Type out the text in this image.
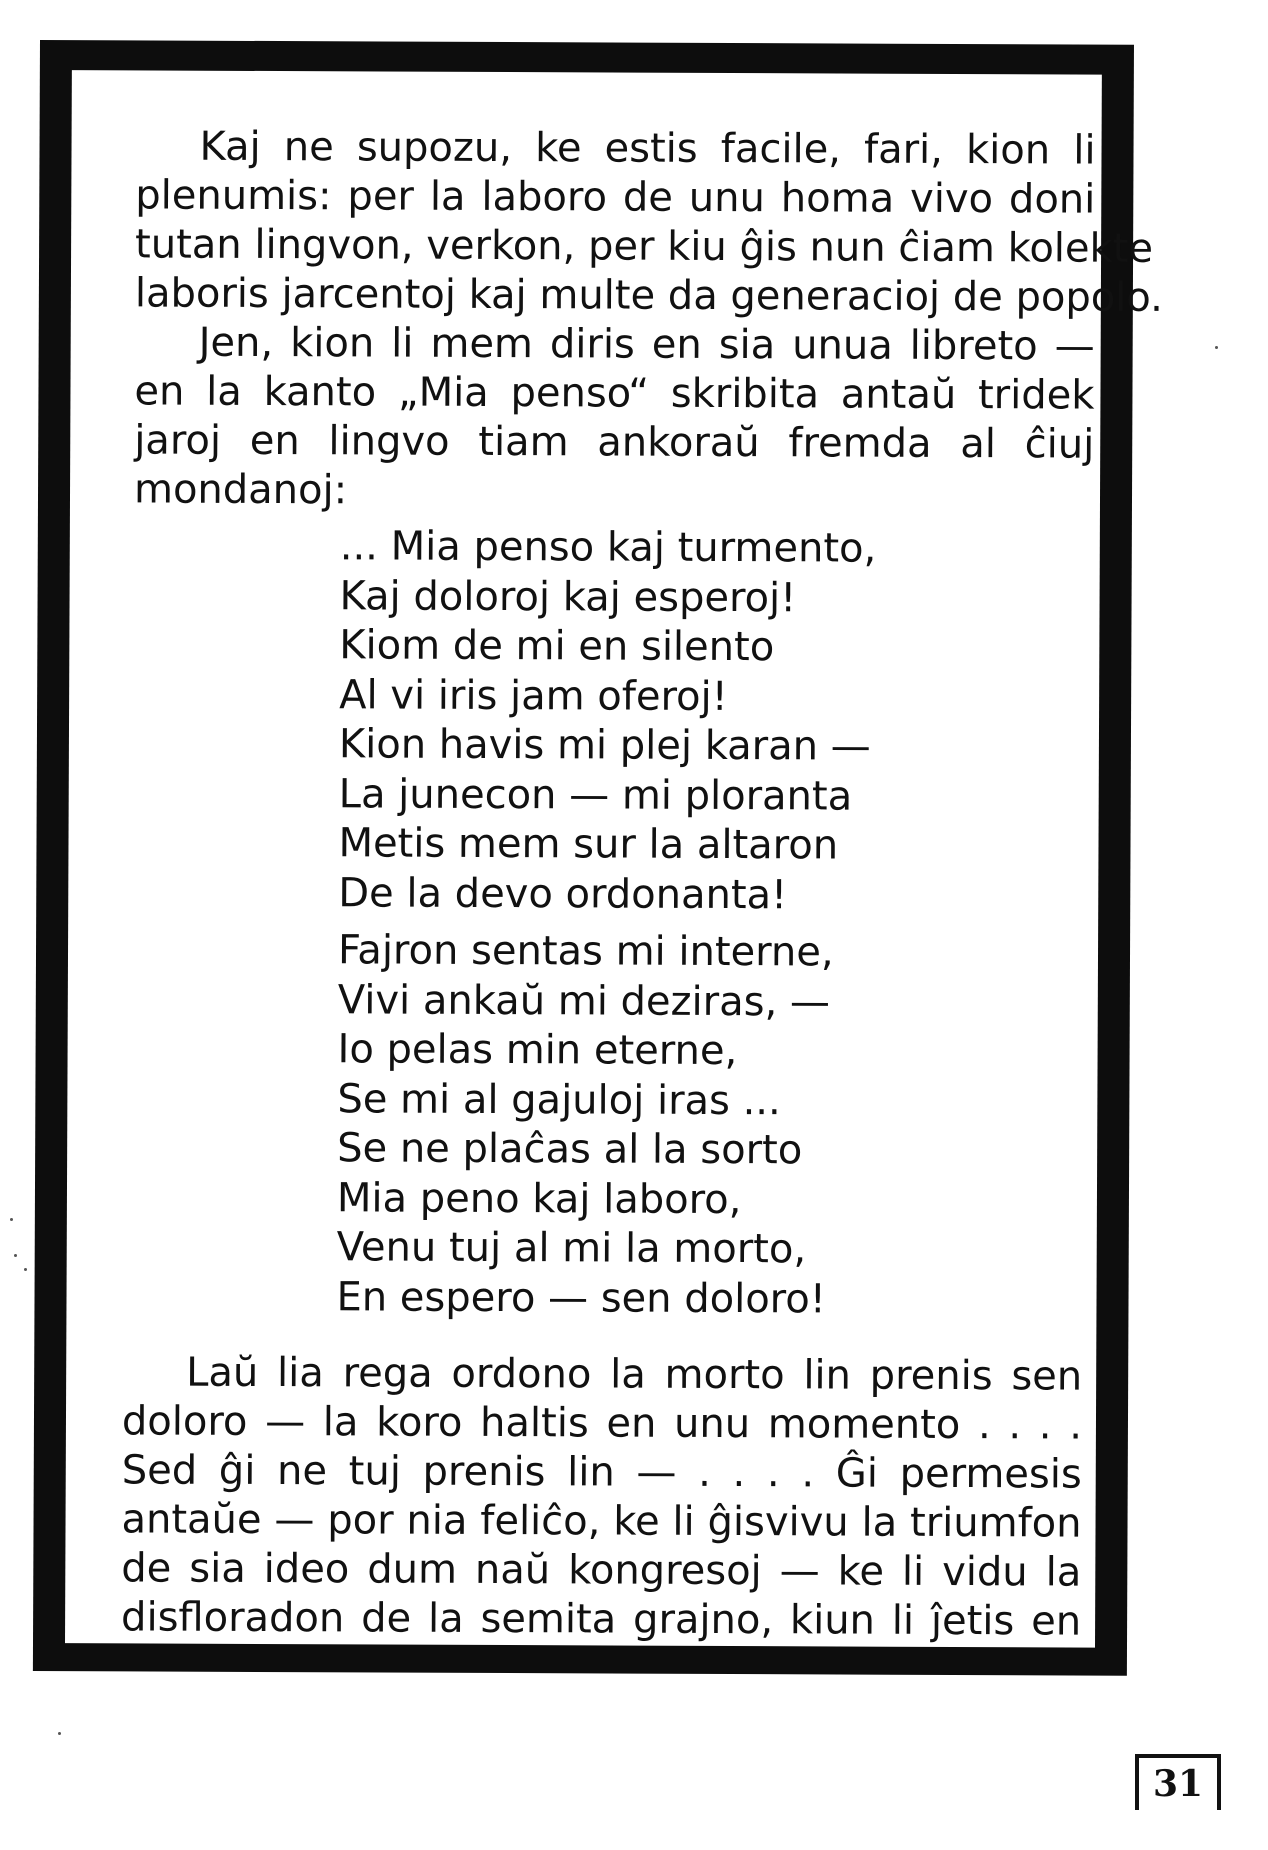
Kaj ne supozu, ke estis facile, fari, kion li
plenumis: per la laboro de unu homa vivo doni
tutan lingvon, verkon, per kiu ĝis nun ĉiam kolekte
laboris jarcentoj kaj multe da generacioj de popolo.
Jen, kion li mem diris en sia unua libreto —
en la kanto „Mia penso“ skribita antaŭ tridek
jaroj en lingvo tiam ankoraŭ fremda al ĉiuj
mondanoj:
... Mia penso kaj turmento,
Kaj doloroj kaj esperoj!
Kiom de mi en silento
Al vi iris jam oferoj!
Kion havis mi plej karan —
La junecon — mi ploranta
Metis mem sur la altaron
De la devo ordonanta!
Fajron sentas mi interne,
Vivi ankaŭ mi deziras, —
Io pelas min eterne,
Se mi al gajuloj iras ...
Se ne plaĉas al la sorto
Mia peno kaj laboro,
Venu tuj al mi la morto,
En espero — sen doloro!
Laŭ lia rega ordono la morto lin prenis sen
doloro — la koro haltis en unu momento . . . .
Sed ĝi ne tuj prenis lin — . . . . Ĝi permesis
antaŭe — por nia feliĉo, ke li ĝisvivu la triumfon
de sia ideo dum naŭ kongresoj — ke li vidu la
disfloradon de la semita grajno, kiun li ĵetis en
31
